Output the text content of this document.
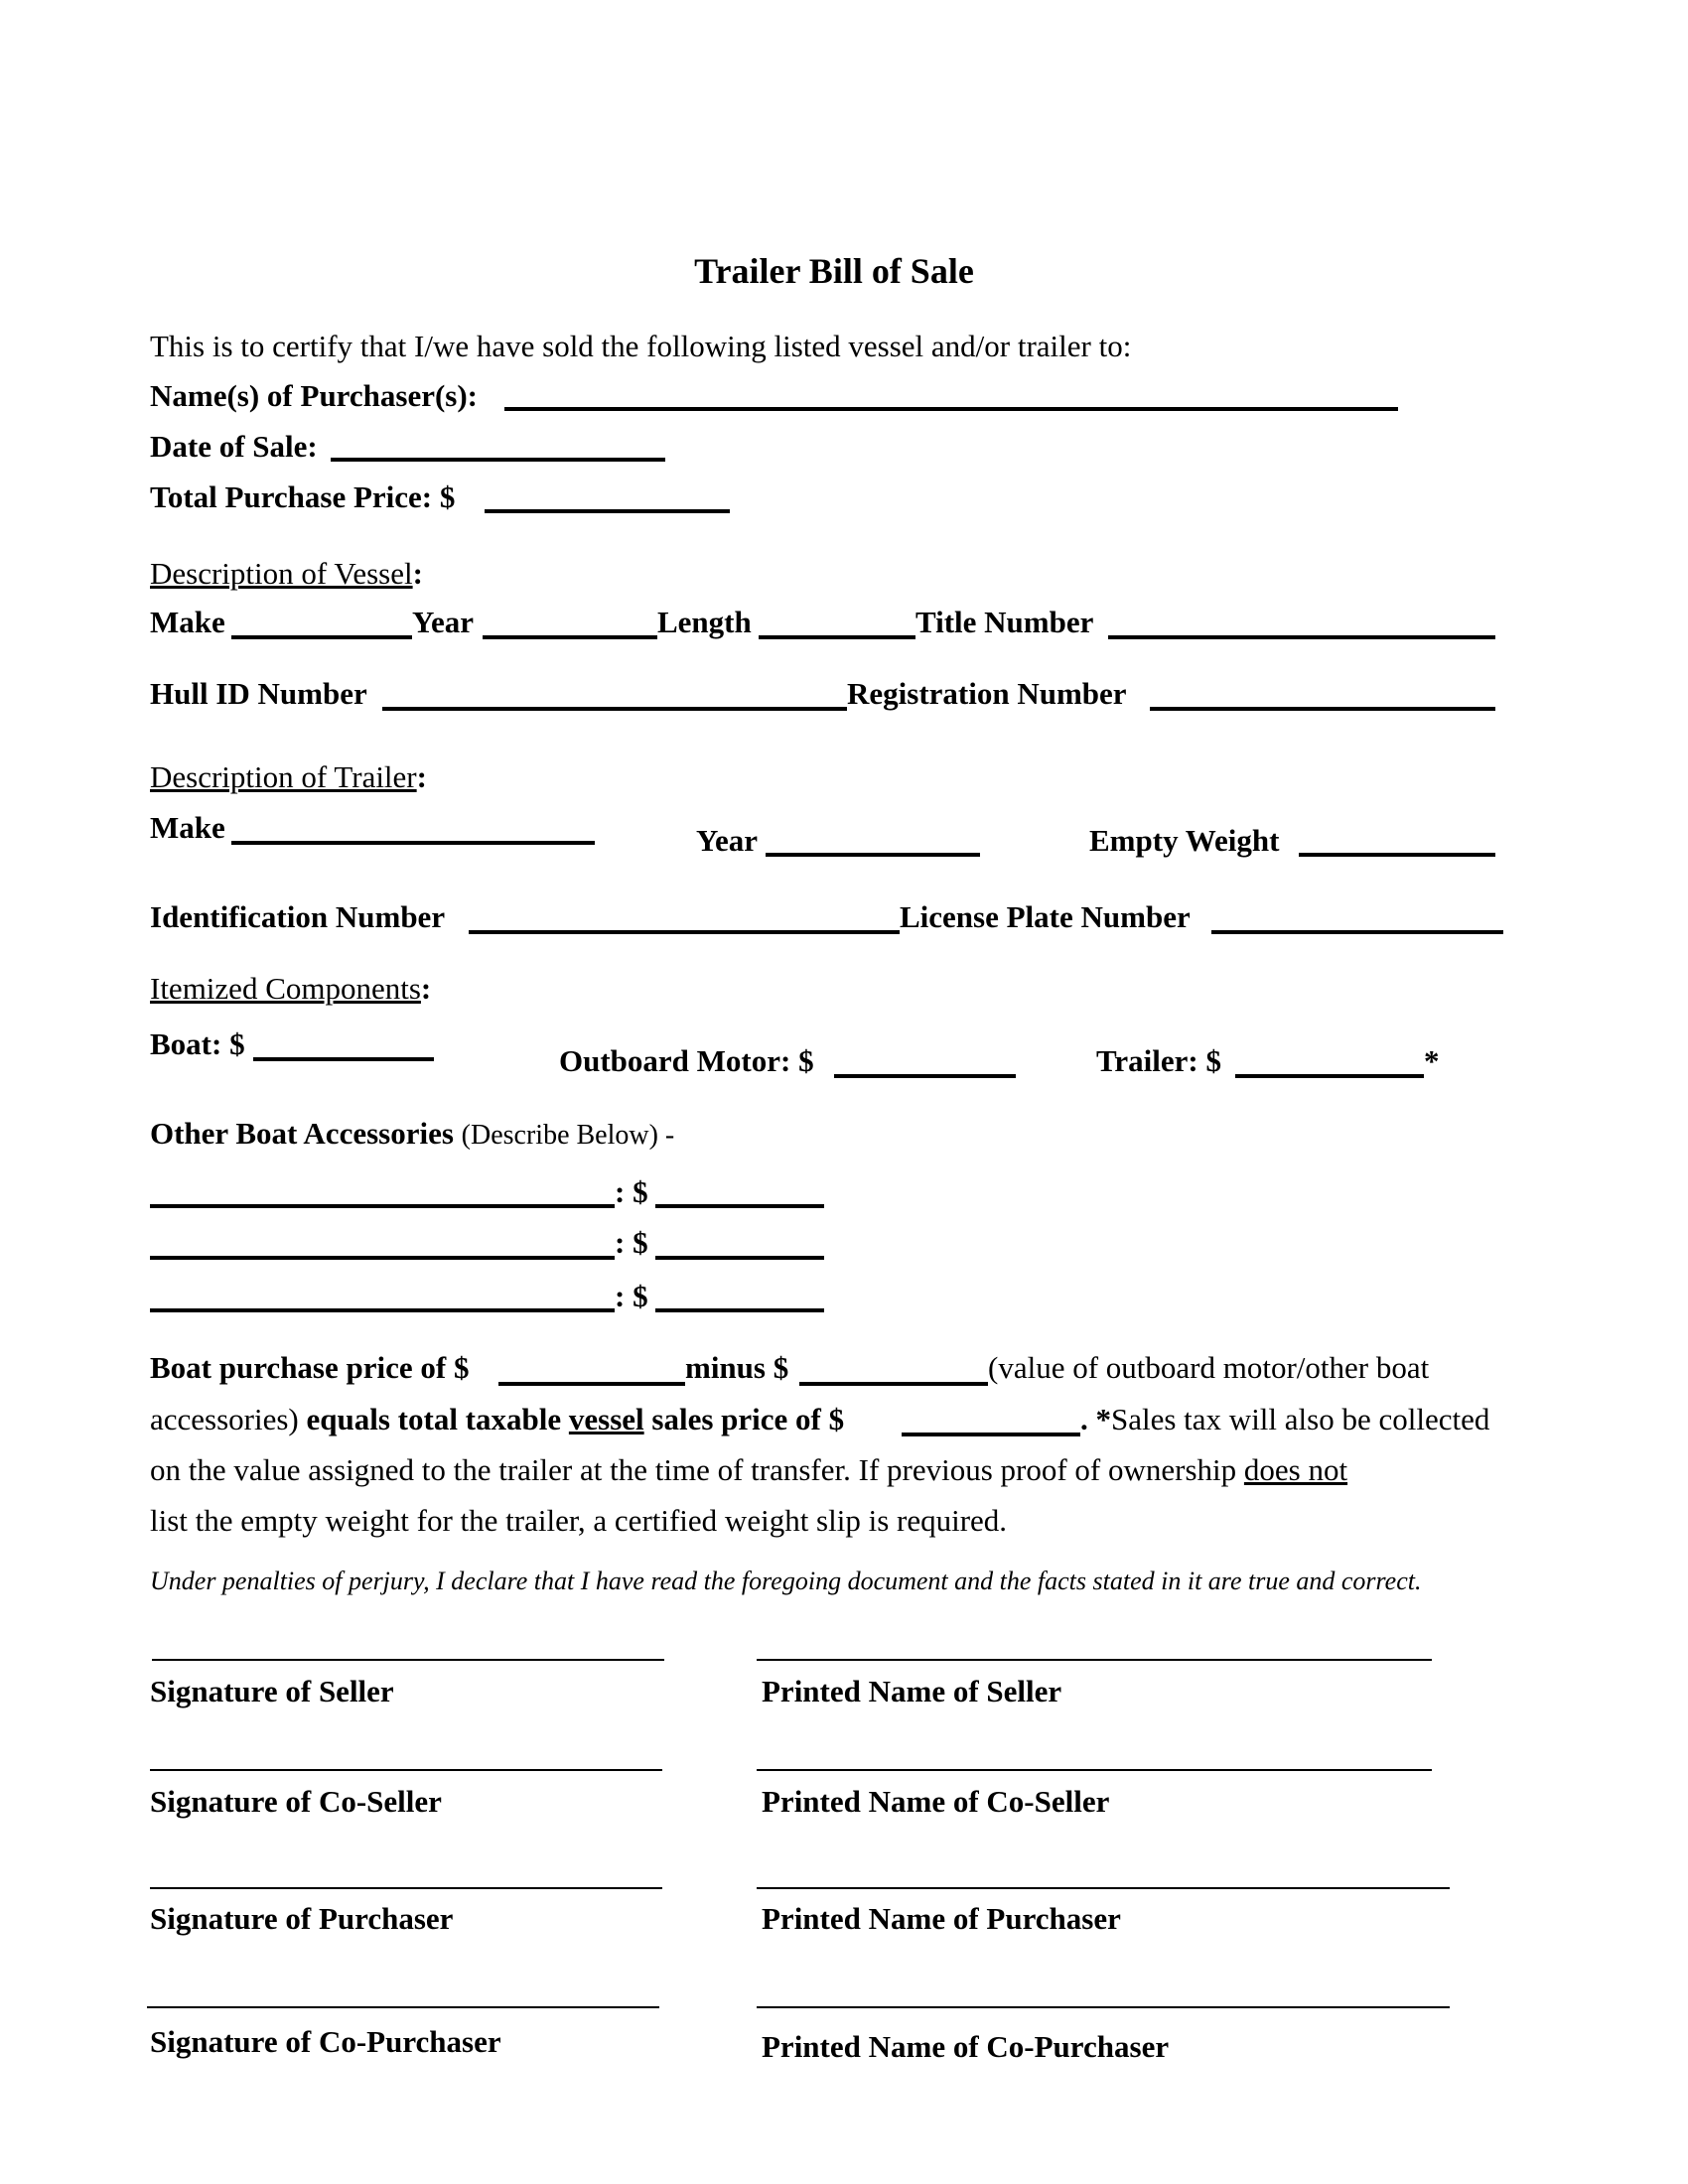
Trailer Bill of Sale
This is to certify that I/we have sold the following listed vessel and/or trailer to:
Name(s) of Purchaser(s):
Date of Sale:
Total Purchase Price: $
Description of Vessel:
Make	Year	Length	Title Number
Hull ID Number	Registration Number
Description of Trailer:
Make	Year	Empty Weight
Identification Number	License Plate Number
Itemized Components:
Boat: $	Outboard Motor: $	Trailer: $	*
Other Boat Accessories (Describe Below) -
: $
: $
: $
Boat purchase price of $	minus $	(value of outboard motor/other boat
accessories) equals total taxable vessel sales price of $	. *Sales tax will also be collected
on the value assigned to the trailer at the time of transfer. If previous proof of ownership does not
list the empty weight for the trailer, a certified weight slip is required.
Under penalties of perjury, I declare that I have read the foregoing document and the facts stated in it are true and correct.
Signature of Seller	Printed Name of Seller
Signature of Co-Seller	Printed Name of Co-Seller
Signature of Purchaser	Printed Name of Purchaser
Signature of Co-Purchaser	Printed Name of Co-Purchaser
